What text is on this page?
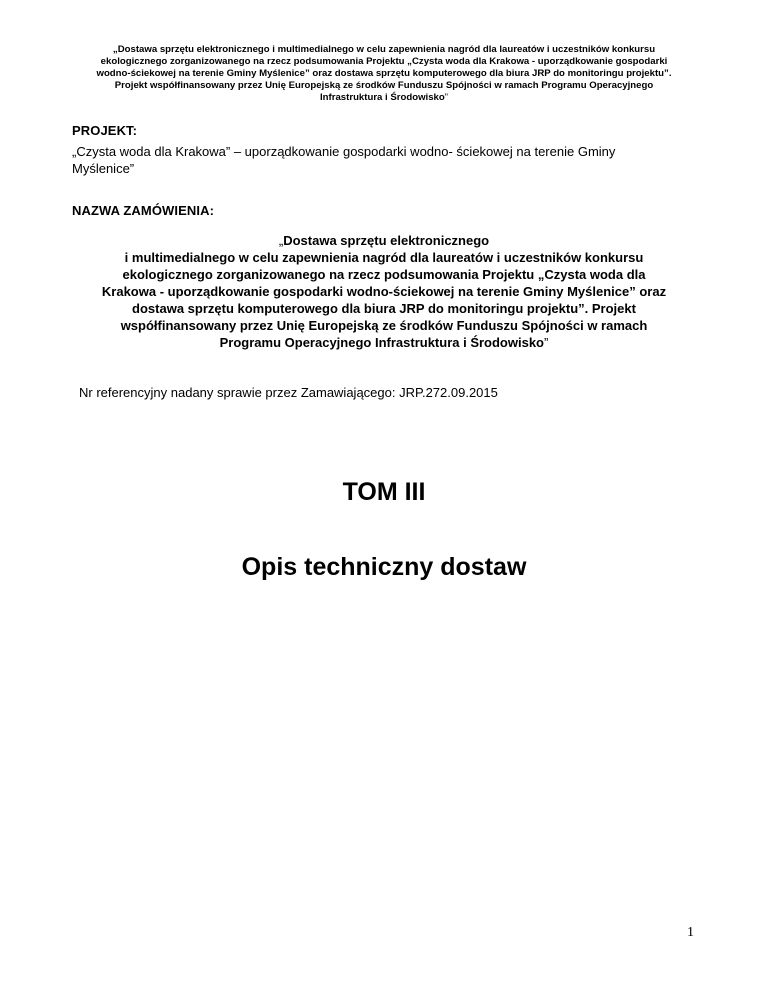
„Dostawa sprzętu elektronicznego i multimedialnego w celu zapewnienia nagród dla laureatów i uczestników konkursu
ekologicznego zorganizowanego na rzecz podsumowania Projektu „Czysta woda dla Krakowa - uporządkowanie gospodarki
wodno-ściekowej na terenie Gminy Myślenice” oraz dostawa sprzętu komputerowego dla biura JRP do monitoringu projektu”.
Projekt współfinansowany przez Unię Europejską ze środków Funduszu Spójności w ramach Programu Operacyjnego
Infrastruktura i Środowisko”
PROJEKT:
„Czysta woda dla Krakowa” – uporządkowanie gospodarki wodno- ściekowej na terenie Gminy
Myślenice”
NAZWA ZAMÓWIENIA:
„Dostawa sprzętu elektronicznego
i multimedialnego w celu zapewnienia nagród dla laureatów i uczestników konkursu
ekologicznego zorganizowanego na rzecz podsumowania Projektu „Czysta woda dla
Krakowa - uporządkowanie gospodarki wodno-ściekowej na terenie Gminy Myślenice” oraz
dostawa sprzętu komputerowego dla biura JRP do monitoringu projektu”. Projekt
współfinansowany przez Unię Europejską ze środków Funduszu Spójności w ramach
Programu Operacyjnego Infrastruktura i Środowisko”
Nr referencyjny nadany sprawie przez Zamawiającego: JRP.272.09.2015
TOM III
Opis techniczny dostaw
1
